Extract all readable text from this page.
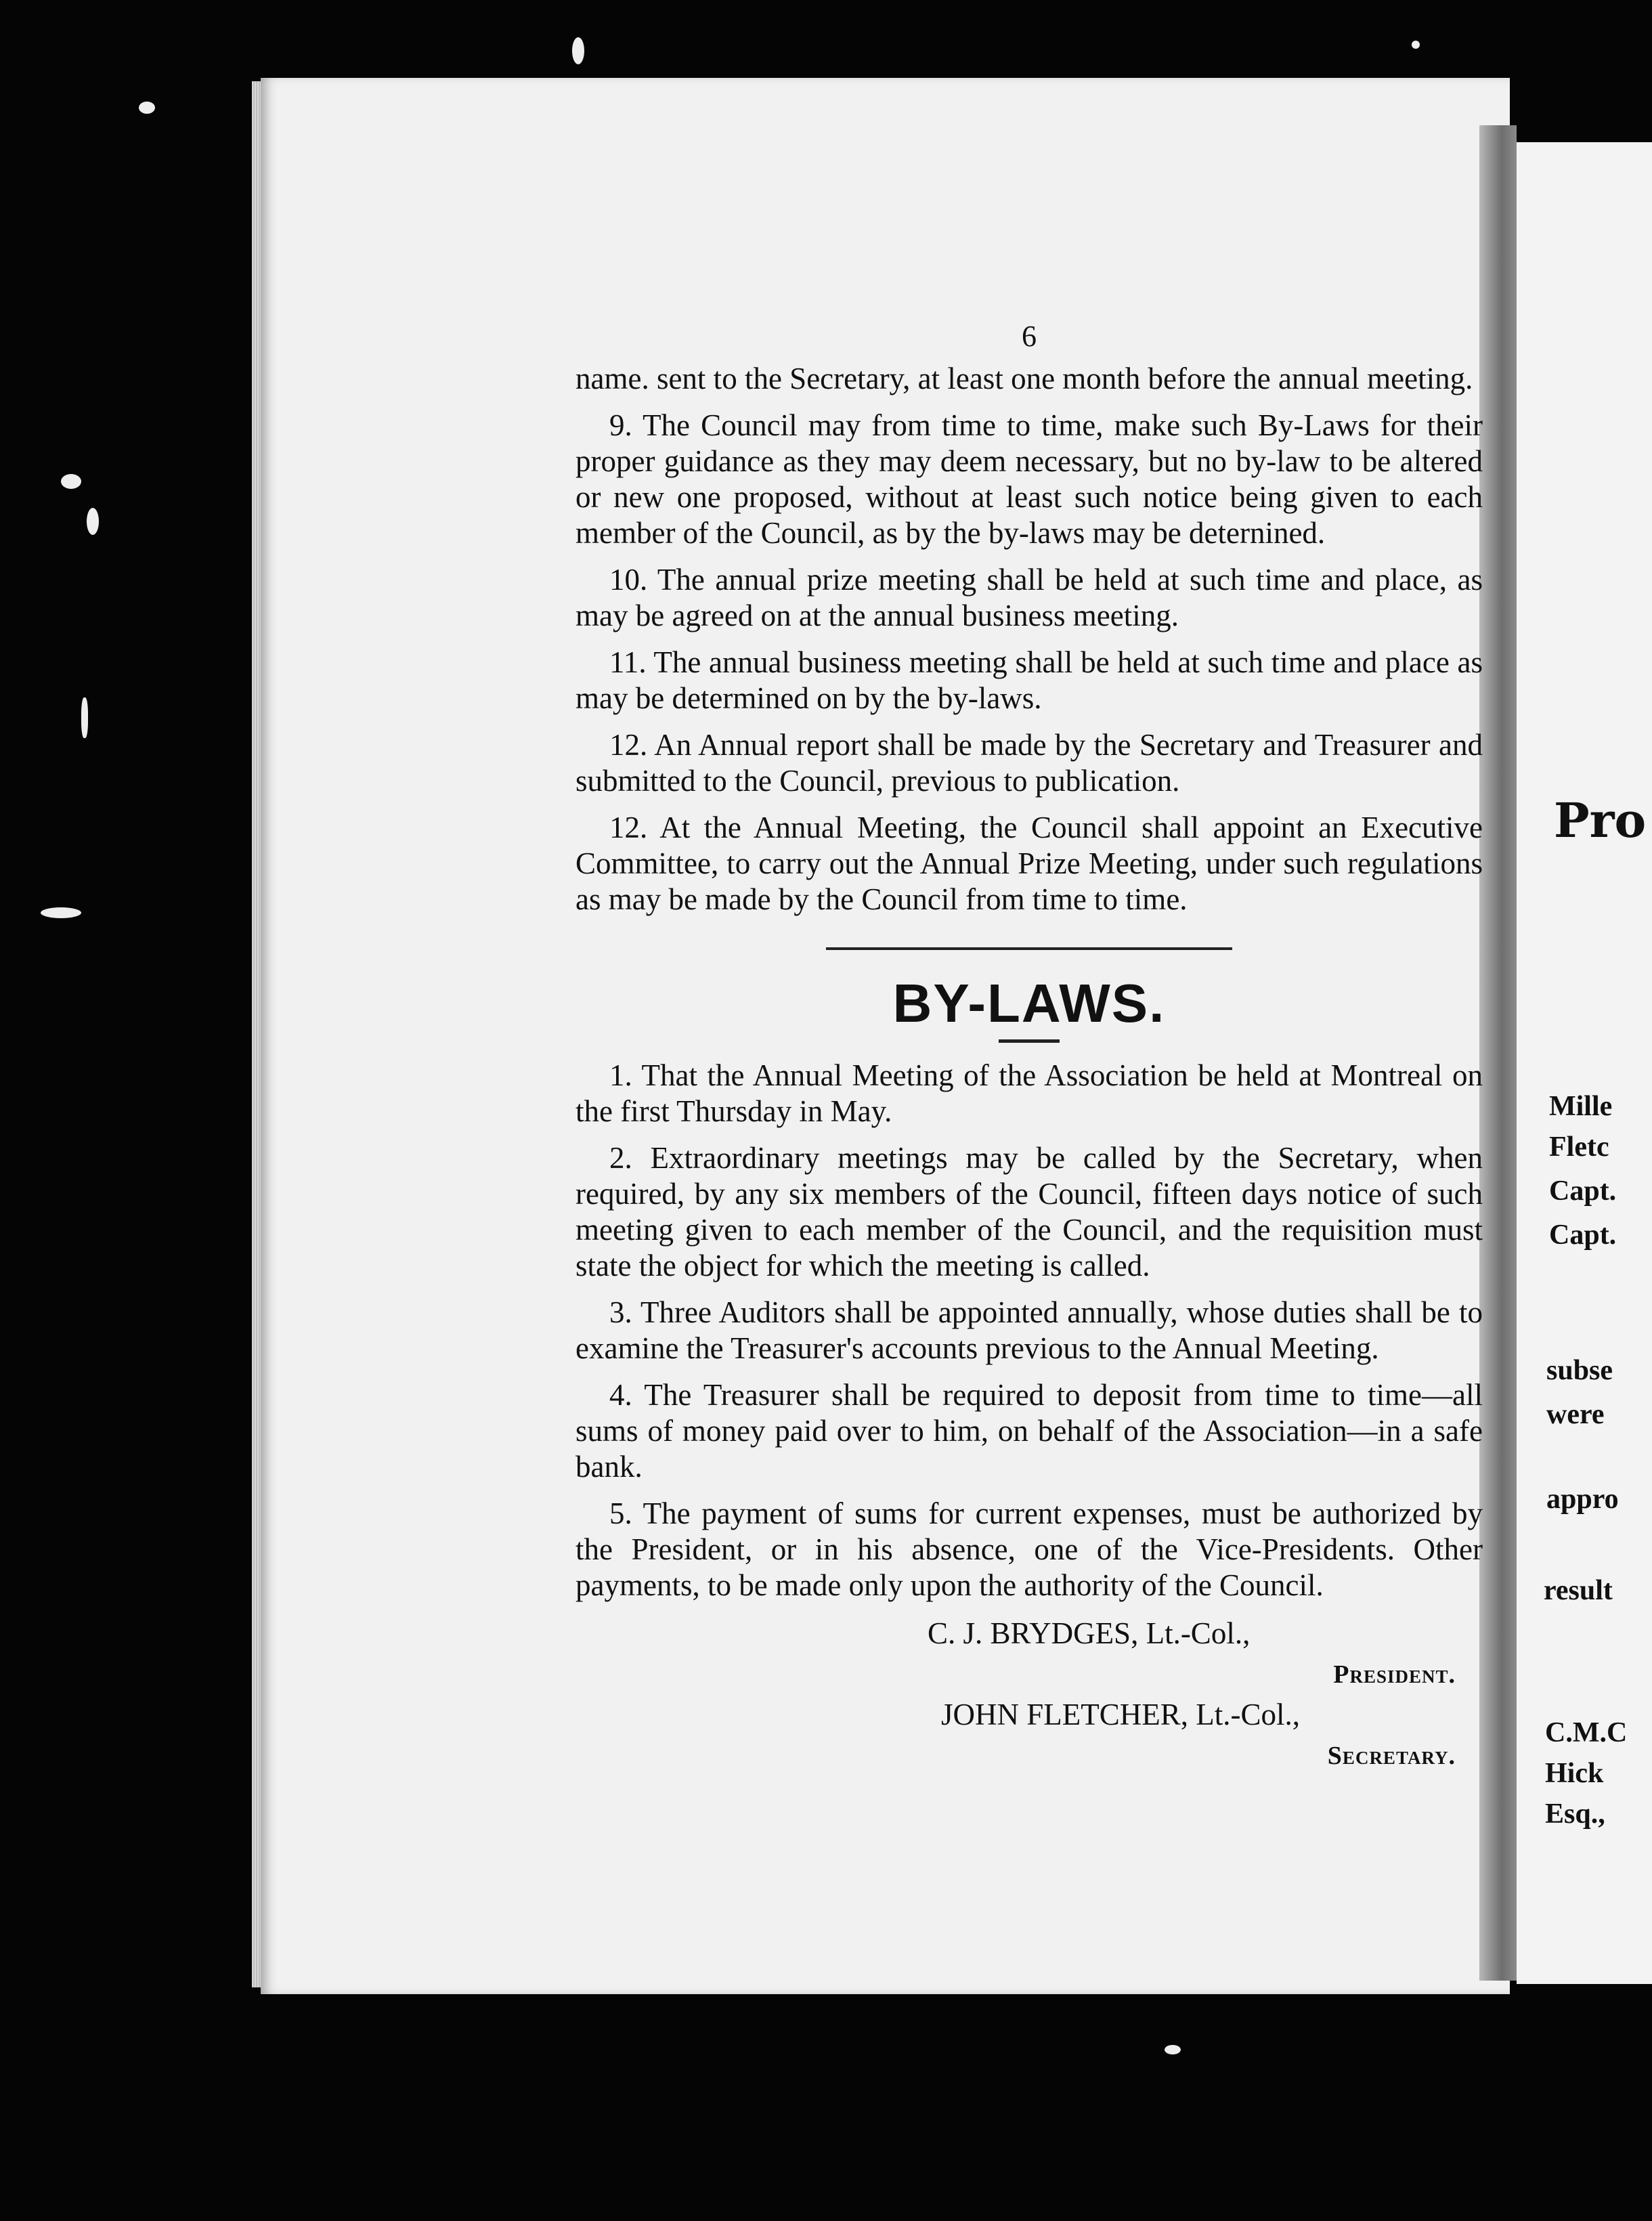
6

name. sent to the Secretary, at least one month before the annual meeting.

9. The Council may from time to time, make such By-Laws for their proper guidance as they may deem necessary, but no by-law to be altered or new one proposed, without at least such notice being given to each member of the Council, as by the by-laws may be deternined.

10. The annual prize meeting shall be held at such time and place, as may be agreed on at the annual business meeting.

11. The annual business meeting shall be held at such time and place as may be determined on by the by-laws.

12. An Annual report shall be made by the Secretary and Treasurer and submitted to the Council, previous to publication.

12. At the Annual Meeting, the Council shall appoint an Executive Committee, to carry out the Annual Prize Meeting, under such regulations as may be made by the Council from time to time.

BY-LAWS.

1. That the Annual Meeting of the Association be held at Montreal on the first Thursday in May.

2. Extraordinary meetings may be called by the Secretary, when required, by any six members of the Council, fifteen days notice of such meeting given to each member of the Council, and the requisition must state the object for which the meeting is called.

3. Three Auditors shall be appointed annually, whose duties shall be to examine the Treasurer's accounts previous to the Annual Meeting.

4. The Treasurer shall be required to deposit from time to time—all sums of money paid over to him, on behalf of the Association—in a safe bank.

5. The payment of sums for current expenses, must be authorized by the President, or in his absence, one of the Vice-Presidents. Other payments, to be made only upon the authority of the Council.

C. J. BRYDGES, Lt.-Col.,
President.
JOHN FLETCHER, Lt.-Col.,
Secretary.
Pro
Mille
Fletc
Capt.
Capt.
subse
were
appro
result
C.M.C
Hick
Esq.,
